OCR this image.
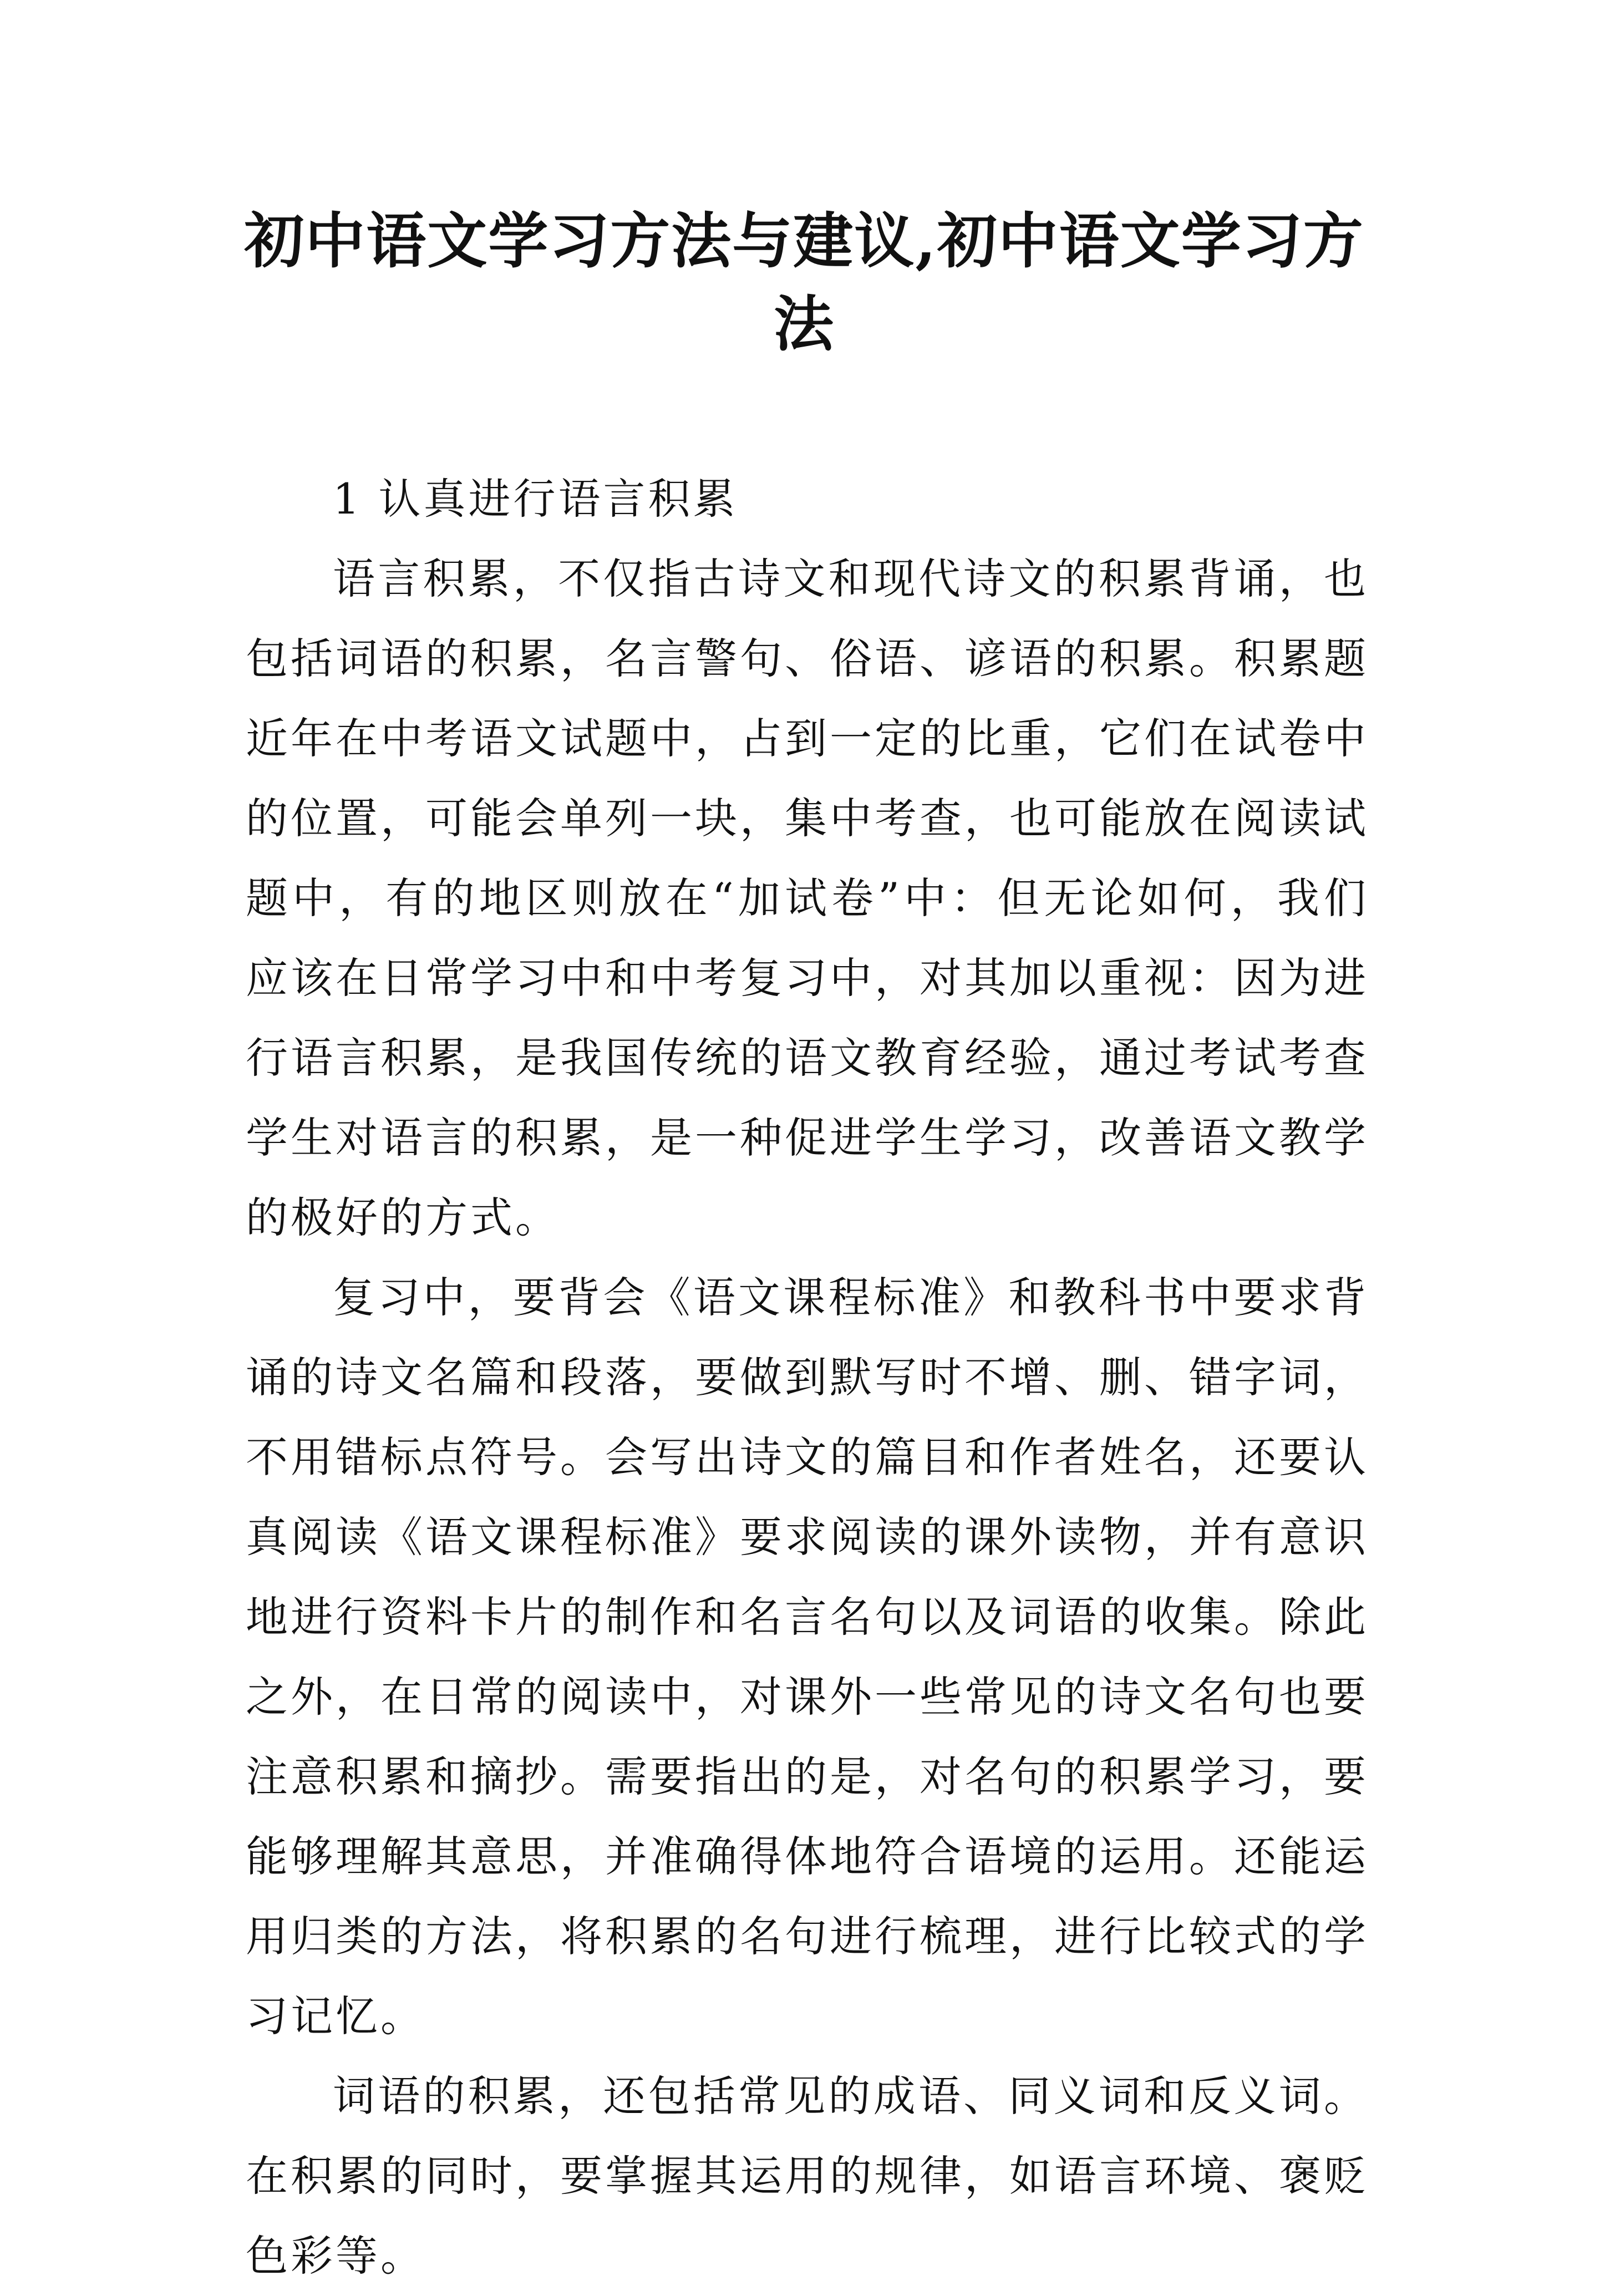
初中语文学习方法与建议,初中语文学习方法

1 认真进行语言积累

语言积累，不仅指古诗文和现代诗文的积累背诵，也包括词语的积累，名言警句、俗语、谚语的积累。积累题近年在中考语文试题中，占到一定的比重，它们在试卷中的位置，可能会单列一块，集中考查，也可能放在阅读试题中，有的地区则放在“加试卷”中：但无论如何，我们应该在日常学习中和中考复习中，对其加以重视：因为进行语言积累，是我国传统的语文教育经验，通过考试考查学生对语言的积累，是一种促进学生学习，改善语文教学的极好的方式。

复习中，要背会《语文课程标准》和教科书中要求背诵的诗文名篇和段落，要做到默写时不增、删、错字词，不用错标点符号。会写出诗文的篇目和作者姓名，还要认真阅读《语文课程标准》要求阅读的课外读物，并有意识地进行资料卡片的制作和名言名句以及词语的收集。除此之外，在日常的阅读中，对课外一些常见的诗文名句也要注意积累和摘抄。需要指出的是，对名句的积累学习，要能够理解其意思，并准确得体地符合语境的运用。还能运用归类的方法，将积累的名句进行梳理，进行比较式的学习记忆。

词语的积累，还包括常见的成语、同义词和反义词。在积累的同时，要掌握其运用的规律，如语言环境、褒贬色彩等。
